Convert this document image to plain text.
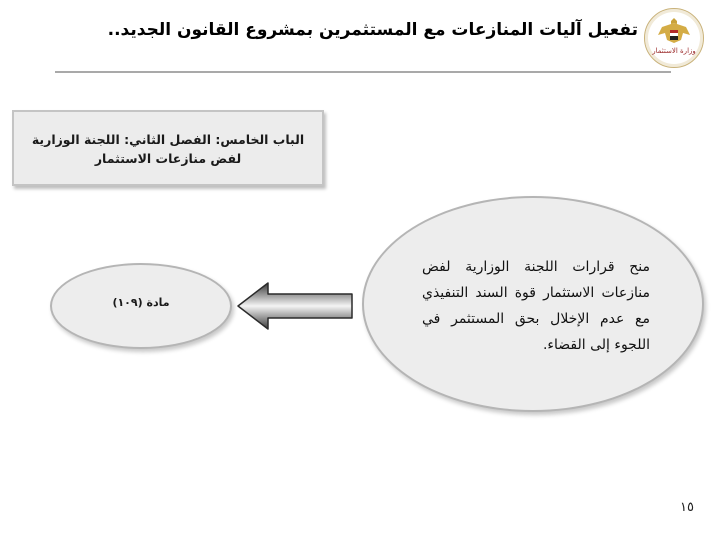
وزارة الاستثمار
تفعيل آليات المنازعات مع المستثمرين بمشروع القانون الجديد..
الباب الخامس: الفصل الثاني: اللجنة الوزارية لفض منازعات الاستثمار
منح قرارات اللجنة الوزارية لفض منازعات الاستثمار قوة السند التنفيذي مع عدم الإخلال بحق المستثمر في اللجوء إلى القضاء.
مادة (١٠٩)
١٥
